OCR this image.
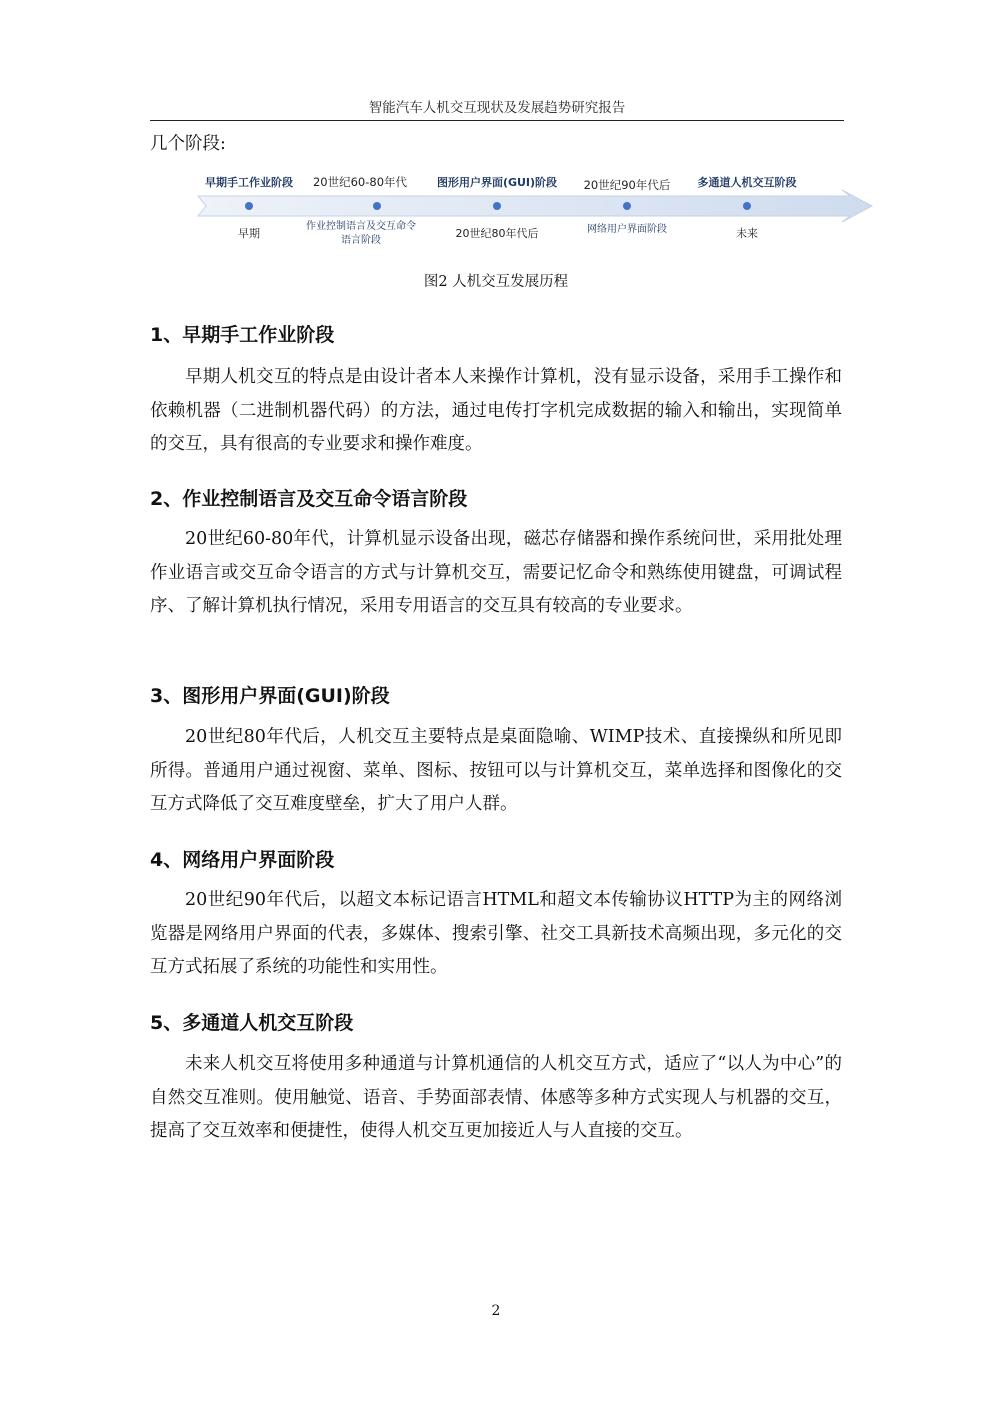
智能汽车人机交互现状及发展趋势研究报告
几个阶段:
早期手工作业阶段 20世纪60-80年代	图形用户界面(GUI)阶段 20世纪90年代后 多通道人机交互阶段
早期
作业控制语言及交互命令语言阶段
20世纪80年代后	网络用户界面阶段	未来
图2 人机交互发展历程
1、早期手工作业阶段
早期人机交互的特点是由设计者本人来操作计算机，没有显示设备，采用手工操作和依赖机器（二进制机器代码）的方法，通过电传打字机完成数据的输入和输出，实现简单的交互，具有很高的专业要求和操作难度。
2、作业控制语言及交互命令语言阶段
20世纪60-80年代，计算机显示设备出现，磁芯存储器和操作系统问世，采用批处理作业语言或交互命令语言的方式与计算机交互，需要记忆命令和熟练使用键盘，可调试程序、了解计算机执行情况，采用专用语言的交互具有较高的专业要求。
3、图形用户界面(GUI)阶段
20世纪80年代后，人机交互主要特点是桌面隐喻、WIMP技术、直接操纵和所见即所得。普通用户通过视窗、菜单、图标、按钮可以与计算机交互，菜单选择和图像化的交互方式降低了交互难度壁垒，扩大了用户人群。
4、网络用户界面阶段
20世纪90年代后，以超文本标记语言HTML和超文本传输协议HTTP为主的网络浏览器是网络用户界面的代表，多媒体、搜索引擎、社交工具新技术高频出现，多元化的交互方式拓展了系统的功能性和实用性。
5、多通道人机交互阶段
未来人机交互将使用多种通道与计算机通信的人机交互方式，适应了“以人为中心”的自然交互准则。使用触觉、语音、手势面部表情、体感等多种方式实现人与机器的交互，提高了交互效率和便捷性，使得人机交互更加接近人与人直接的交互。
2
